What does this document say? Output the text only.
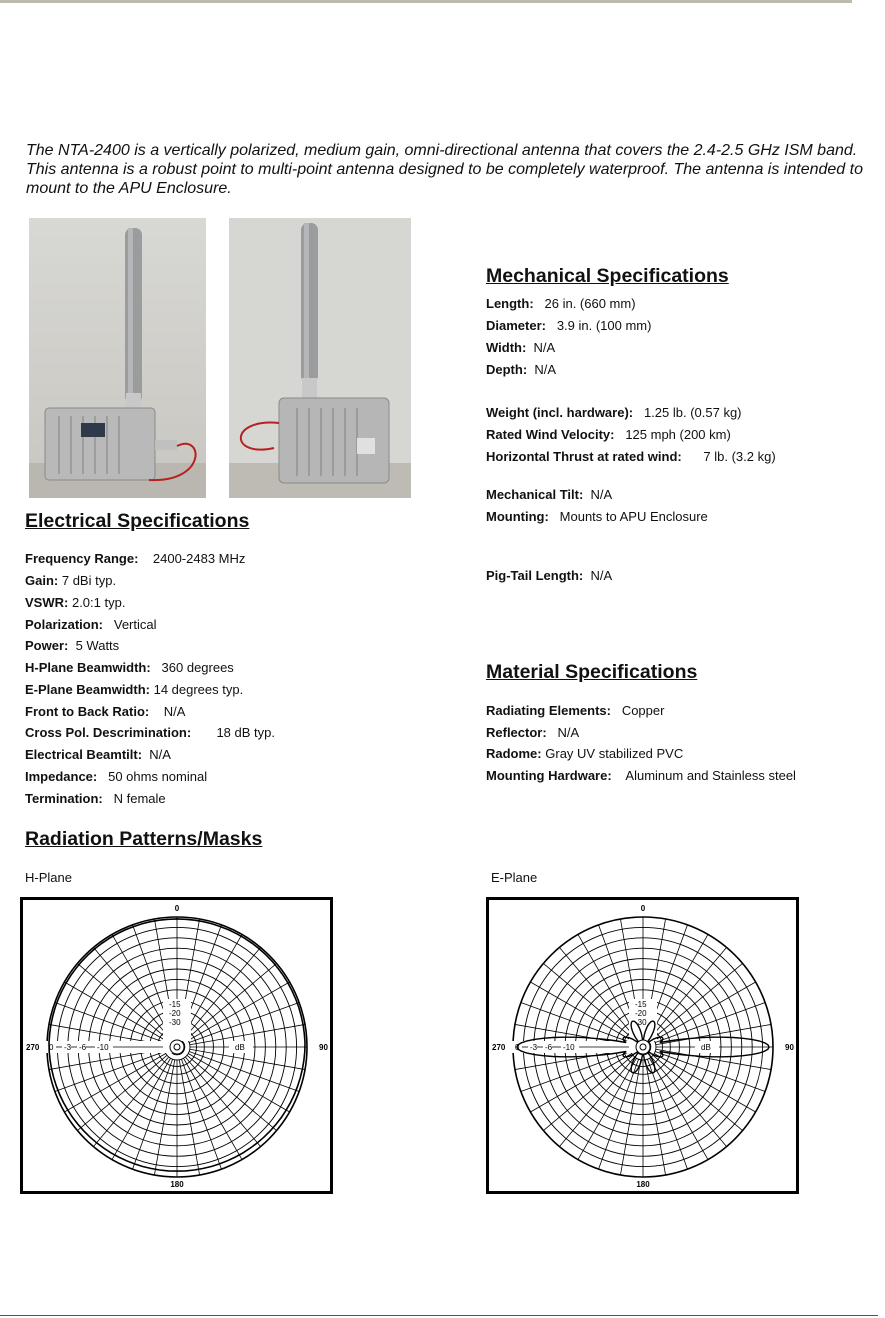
The NTA-2400 is a vertically polarized, medium gain, omni-directional antenna that covers the 2.4-2.5 GHz ISM band. This antenna is a robust point to multi-point antenna designed to be completely waterproof. The antenna is intended to mount to the APU Enclosure.
Mechanical Specifications
Length: 26 in. (660 mm)
Diameter: 3.9 in. (100 mm)
Width: N/A
Depth: N/A
Weight (incl. hardware): 1.25 lb. (0.57 kg)
Rated Wind Velocity: 125 mph (200 km)
Horizontal Thrust at rated wind: 7 lb. (3.2 kg)
Mechanical Tilt: N/A
Mounting: Mounts to APU Enclosure
Pig-Tail Length: N/A
Electrical Specifications
Frequency Range: 2400-2483 MHz
Gain: 7 dBi typ.
VSWR: 2.0:1 typ.
Polarization: Vertical
Power: 5 Watts
H-Plane Beamwidth: 360 degrees
E-Plane Beamwidth: 14 degrees typ.
Front to Back Ratio: N/A
Cross Pol. Descrimination: 18 dB typ.
Electrical Beamtilt: N/A
Impedance: 50 ohms nominal
Termination: N female
Material Specifications
Radiating Elements: Copper
Reflector: N/A
Radome: Gray UV stabilized PVC
Mounting Hardware: Aluminum and Stainless steel
Radiation Patterns/Masks
H-Plane	E-Plane
0
180
270	90
0 -3 -6 -10
-15
-20
-30
dB
0
180
270	90
0 -3 -6 -10
-15
-20
-30
dB
